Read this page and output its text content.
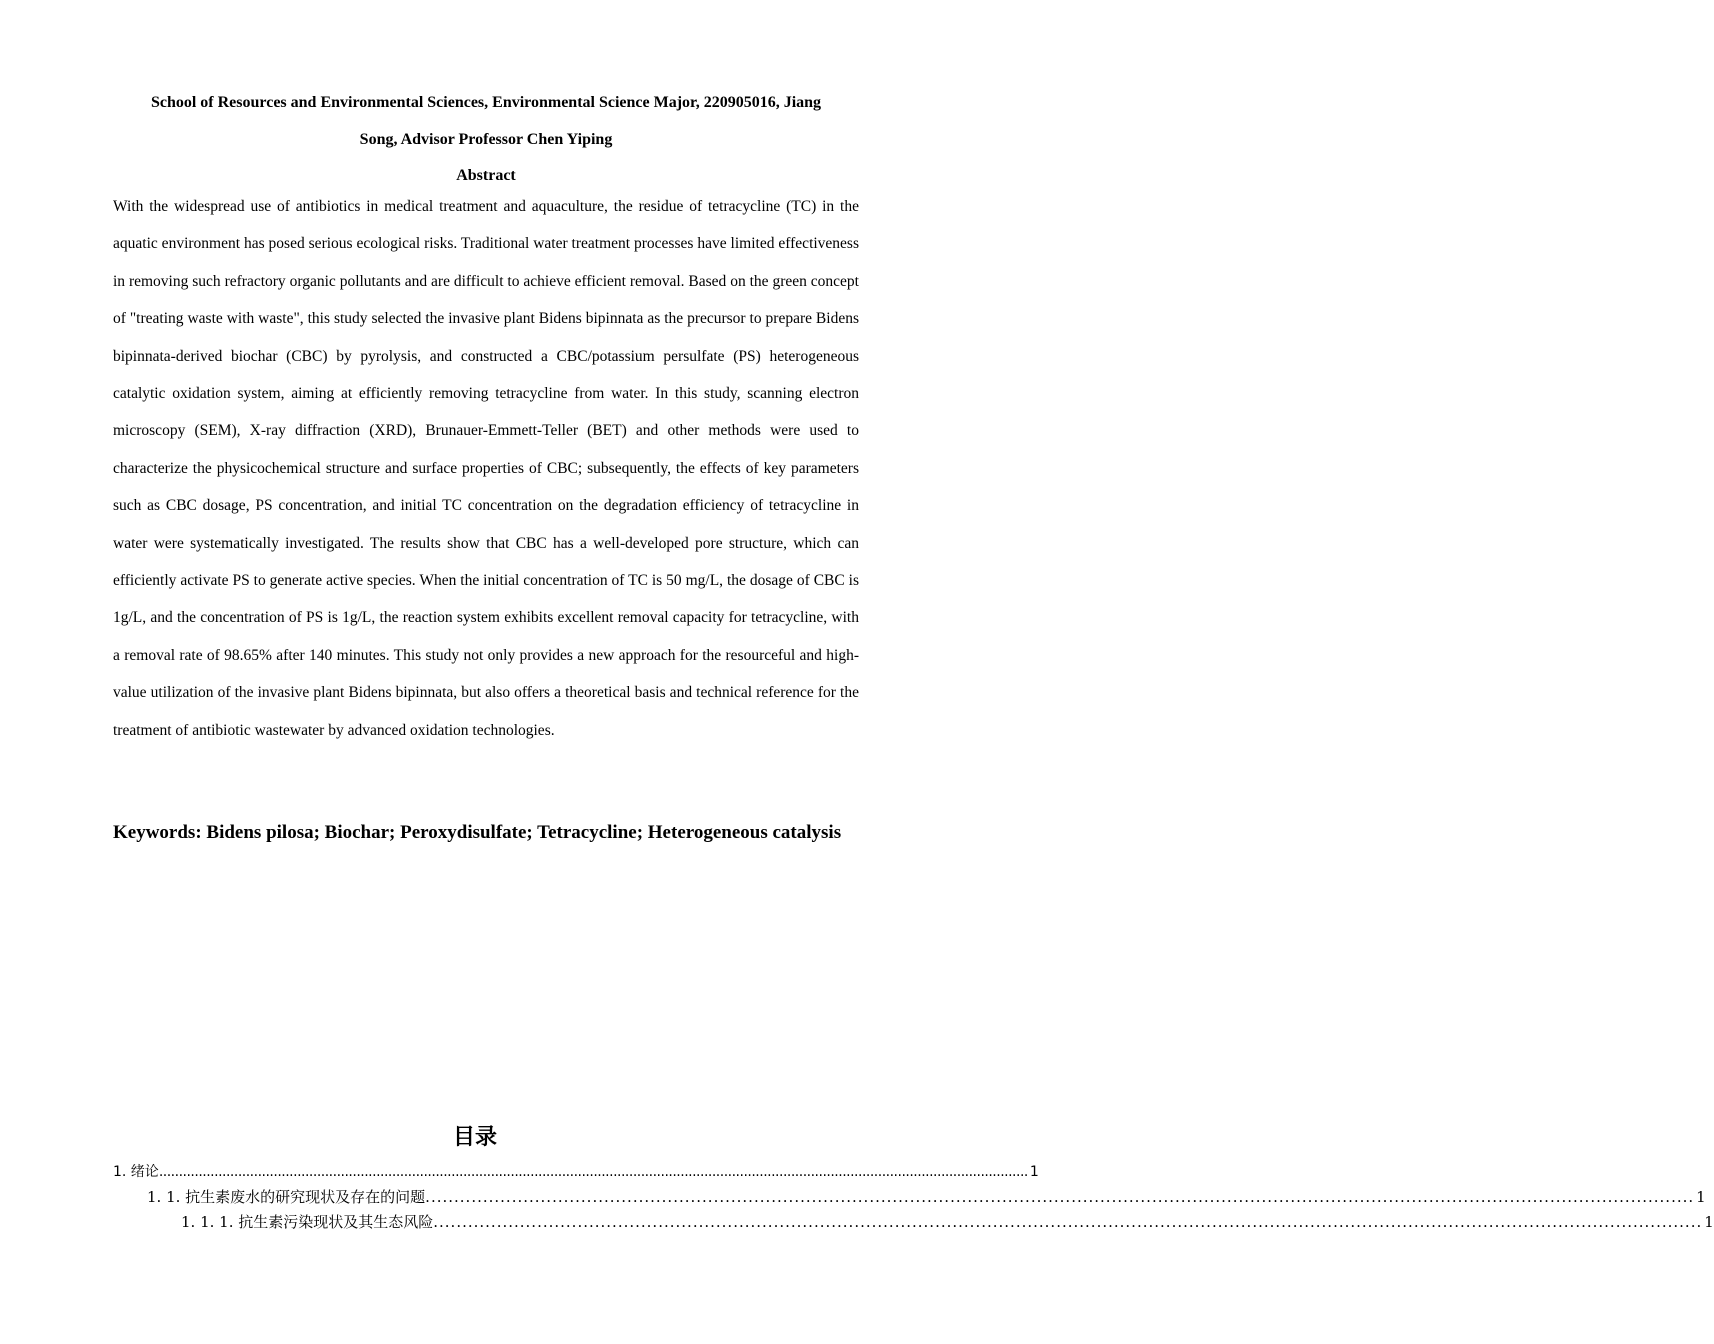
School of Resources and Environmental Sciences, Environmental Science Major, 220905016, Jiang
Song, Advisor Professor Chen Yiping
Abstract

With the widespread use of antibiotics in medical treatment and aquaculture, the residue of tetracycline (TC) in the aquatic environment has posed serious ecological risks. Traditional water treatment processes have limited effectiveness in removing such refractory organic pollutants and are difficult to achieve efficient removal. Based on the green concept of "treating waste with waste", this study selected the invasive plant Bidens bipinnata as the precursor to prepare Bidens bipinnata-derived biochar (CBC) by pyrolysis, and constructed a CBC/potassium persulfate (PS) heterogeneous catalytic oxidation system, aiming at efficiently removing tetracycline from water. In this study, scanning electron microscopy (SEM), X-ray diffraction (XRD), Brunauer-Emmett-Teller (BET) and other methods were used to characterize the physicochemical structure and surface properties of CBC; subsequently, the effects of key parameters such as CBC dosage, PS concentration, and initial TC concentration on the degradation efficiency of tetracycline in water were systematically investigated. The results show that CBC has a well-developed pore structure, which can efficiently activate PS to generate active species. When the initial concentration of TC is 50 mg/L, the dosage of CBC is 1g/L, and the concentration of PS is 1g/L, the reaction system exhibits excellent removal capacity for tetracycline, with a removal rate of 98.65% after 140 minutes. This study not only provides a new approach for the resourceful and high-value utilization of the invasive plant Bidens bipinnata, but also offers a theoretical basis and technical reference for the treatment of antibiotic wastewater by advanced oxidation technologies.

Keywords: Bidens pilosa; Biochar; Peroxydisulfate; Tetracycline; Heterogeneous catalysis
目录
1. 绪论 ............................................................................................................................................................................................................................ 1
1. 1. 抗生素废水的研究现状及存在的问题 ............................................................................................................................................................................................................................ 1
1. 1. 1. 抗生素污染现状及其生态风险 ............................................................................................................................................................................................................................ 1
